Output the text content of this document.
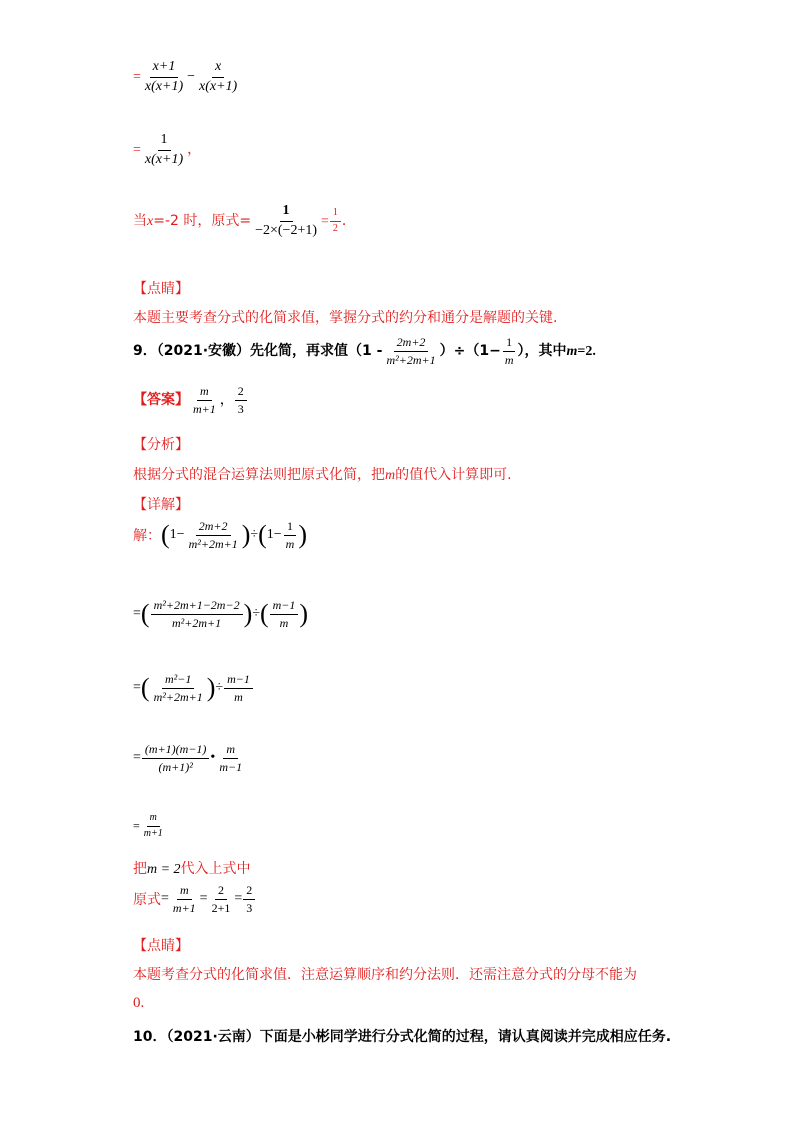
= $\frac{x+1}{x(x+1)} - \frac{x}{x(x+1)}$
= $\frac{1}{x(x+1)}$ ，
当x=-2 时，原式= $\frac{1}{-2\times(-2+1)} = \frac{1}{2}$ ．
【点睛】
本题主要考查分式的化简求值，掌握分式的约分和通分是解题的关键.
9．（2021·安徽）先化简，再求值$(1 - \frac{2m+2}{\text{m²+2m+1}} )\div(1- \frac{1}{m}$ ），其中m=2.
【答案】 $\frac{m}{m+1}$ ， $\frac{2}{3}$
【分析】
根据分式的混合运算法则把原式化简，把m的值代入计算即可.
【详解】
解：$(1- \frac{2m+2}{\text{m²+2m+1}} )\div(1- \frac{1}{m}$ )
=( $\frac{\text{m²+2m+1−2m−2}}{\text{m²+2m+1}}$ )÷( $\frac{m-1}{m}$ )
=( $\frac{\text{m²−1}}{\text{m²+2m+1}}$ )÷ $\frac{m-1}{m}$
= $\frac{(m+1)(m-1)}{\text{(m+1)²}}$ • $\frac{m}{m-1}$
= $\frac{m}{m+1}$
把m = 2代入上式中
原式= $\frac{m}{m+1} = \frac{2}{2+1} = \frac{2}{3}$
【点睛】
本题考查分式的化简求值．注意运算顺序和约分法则．还需注意分式的分母不能为
0.
10．（2021·云南）下面是小彬同学进行分式化简的过程，请认真阅读并完成相应任务.
